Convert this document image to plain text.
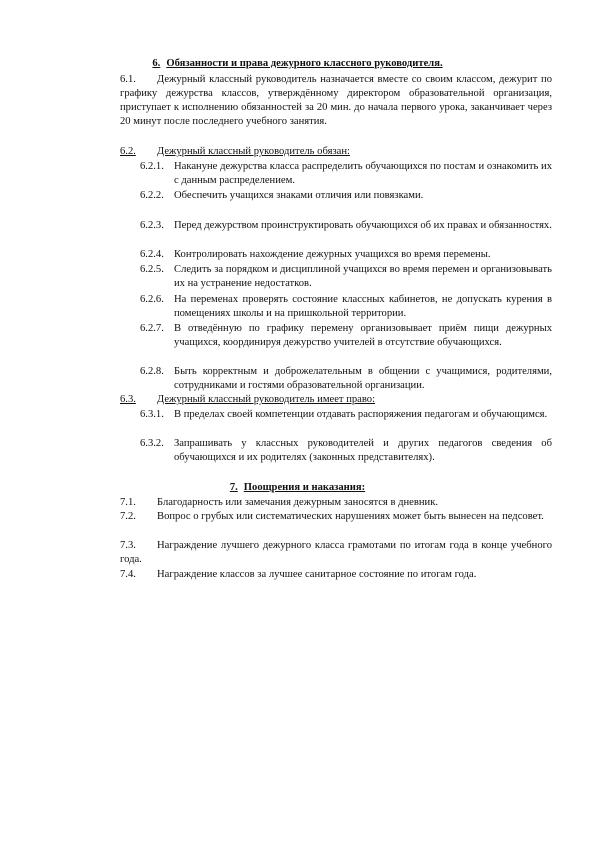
6. Обязанности и права дежурного классного руководителя.
6.1.	Дежурный классный руководитель назначается вместе со своим классом, дежурит по графику дежурства классов, утверждённому директором образовательной организация, приступает к исполнению обязанностей за 20 мин. до начала первого урока, заканчивает через 20 минут после последнего учебного занятия.
6.2.	Дежурный классный руководитель обязан:
6.2.1. Накануне дежурства класса распределить обучающихся по постам и ознакомить их с данным распределением.
6.2.2. Обеспечить учащихся знаками отличия или повязками.
6.2.3. Перед дежурством проинструктировать обучающихся об их правах и обязанностях.
6.2.4. Контролировать нахождение дежурных учащихся во время перемены.
6.2.5. Следить за порядком и дисциплиной учащихся во время перемен и организовывать их на устранение недостатков.
6.2.6. На переменах проверять состояние классных кабинетов, не допускать курения в помещениях школы и на пришкольной территории.
6.2.7. В отведённую по графику перемену организовывает приём пищи дежурных учащихся, координируя дежурство учителей в отсутствие обучающихся.
6.2.8. Быть корректным и доброжелательным в общении с учащимися, родителями, сотрудниками и гостями образовательной организации.
6.3.	Дежурный классный руководитель имеет право:
6.3.1. В пределах своей компетенции отдавать распоряжения педагогам и обучающимся.
6.3.2. Запрашивать у классных руководителей и других педагогов сведения об обучающихся и их родителях (законных представителях).
7. Поощрения и наказания:
7.1.	Благодарность или замечания дежурным заносятся в дневник.
7.2.	Вопрос о грубых или систематических нарушениях может быть вынесен на педсовет.
7.3.	Награждение лучшего дежурного класса грамотами по итогам года в конце учебного года.
7.4.	Награждение классов за лучшее санитарное состояние по итогам года.
